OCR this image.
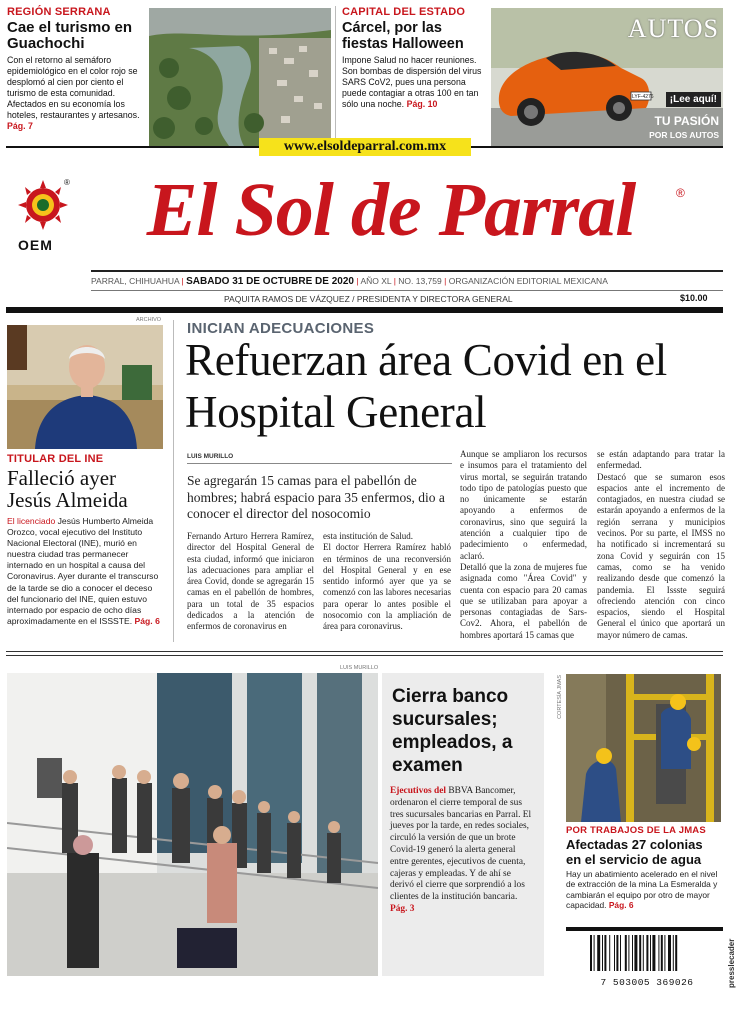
REGIÓN SERRANA
Cae el turismo en Guachochi
Con el retorno al semáforo epidemiológico en el color rojo se desplomó al cien por ciento el turismo de esta comunidad. Afectados en su economía los hoteles, restaurantes y artesanos. Pág. 7
CAPITAL DEL ESTADO
Cárcel, por las fiestas Halloween
Impone Salud no hacer reuniones. Son bombas de dispersión del virus SARS CoV2, pues una persona puede contagiar a otras 100 en tan sólo una noche. Pág. 10
AUTOS
LYF-4276	¡Lee aquí!
TU PASIÓN
POR LOS AUTOS
www.elsoldeparral.com.mx
OEM
®	El Sol de Parral	®
PARRAL, CHIHUAHUA | SABADO 31 DE OCTUBRE DE 2020 | AÑO XL | NO. 13,759 | ORGANIZACIÓN EDITORIAL MEXICANA
PAQUITA RAMOS DE VÁZQUEZ / PRESIDENTA Y DIRECTORA GENERAL	$10.00
ARCHIVO
TITULAR DEL INE
Falleció ayer Jesús Almeida
El licenciado Jesús Humberto Almeida Orozco, vocal ejecutivo del Instituto Nacional Electoral (INE), murió en nuestra ciudad tras permanecer internado en un hospital a causa del Coronavirus. Ayer durante el transcurso de la tarde se dio a conocer el deceso del funcionario del INE, quien estuvo internado por espacio de ocho días aproximadamente en el ISSSTE. Pág. 6
INICIAN ADECUACIONES
Refuerzan área Covid en el Hospital General
LUIS MURILLO
Se agregarán 15 camas para el pabellón de hombres; habrá espacio para 35 enfermos, dio a conocer el director del nosocomio
Fernando Arturo Herrera Ramírez, director del Hospital General de esta ciudad, informó que iniciaron las adecuaciones para ampliar el área Covid, donde se agregarán 15 camas en el pabellón de hombres, para un total de 35 espacios dedicados a la atención de enfermos de coronavirus en
esta institución de Salud.
El doctor Herrera Ramírez habló en términos de una reconversión del Hospital General y en ese sentido informó ayer que ya se comenzó con las labores necesarias para operar lo antes posible el nosocomio con la ampliación de área para coronavirus.
Aunque se ampliaron los recursos e insumos para el tratamiento del virus mortal, se seguirán tratando todo tipo de patologías puesto que no únicamente se estarán apoyando a enfermos de coronavirus, sino que seguirá la atención a cualquier tipo de padecimiento o enfermedad, aclaró.
Detalló que la zona de mujeres fue asignada como "Área Covid" y cuenta con espacio para 20 camas que se utilizaban para apoyar a personas contagiadas de Sars-Cov2. Ahora, el pabellón de hombres aportará 15 camas que
se están adaptando para tratar la enfermedad.
Destacó que se sumaron esos espacios ante el incremento de contagiados, en nuestra ciudad se estarán apoyando a enfermos de la región serrana y municipios vecinos. Por su parte, el IMSS no ha notificado si incrementará su zona Covid y seguirán con 15 camas, como se ha venido realizando desde que comenzó la pandemia. El Issste seguirá ofreciendo atención con cinco espacios, siendo el Hospital General el único que aportará un mayor número de camas.
LUIS MURILLO
Cierra banco sucursales; empleados, a examen
Ejecutivos del BBVA Bancomer, ordenaron el cierre temporal de sus tres sucursales bancarias en Parral. El jueves por la tarde, en redes sociales, circuló la versión de que un brote Covid-19 generó la alerta general entre gerentes, ejecutivos de cuenta, cajeras y empleadas. Y de ahí se derivó el cierre que sorprendió a los clientes de la institución bancaria. Pág. 3
CORTESÍA JMAS
POR TRABAJOS DE LA JMAS
Afectadas 27 colonias en el servicio de agua
Hay un abatimiento acelerado en el nivel de extracción de la mina La Esmeralda y cambiarán el equipo por otro de mayor capacidad. Pág. 6
7 503005 369026	presslecader
